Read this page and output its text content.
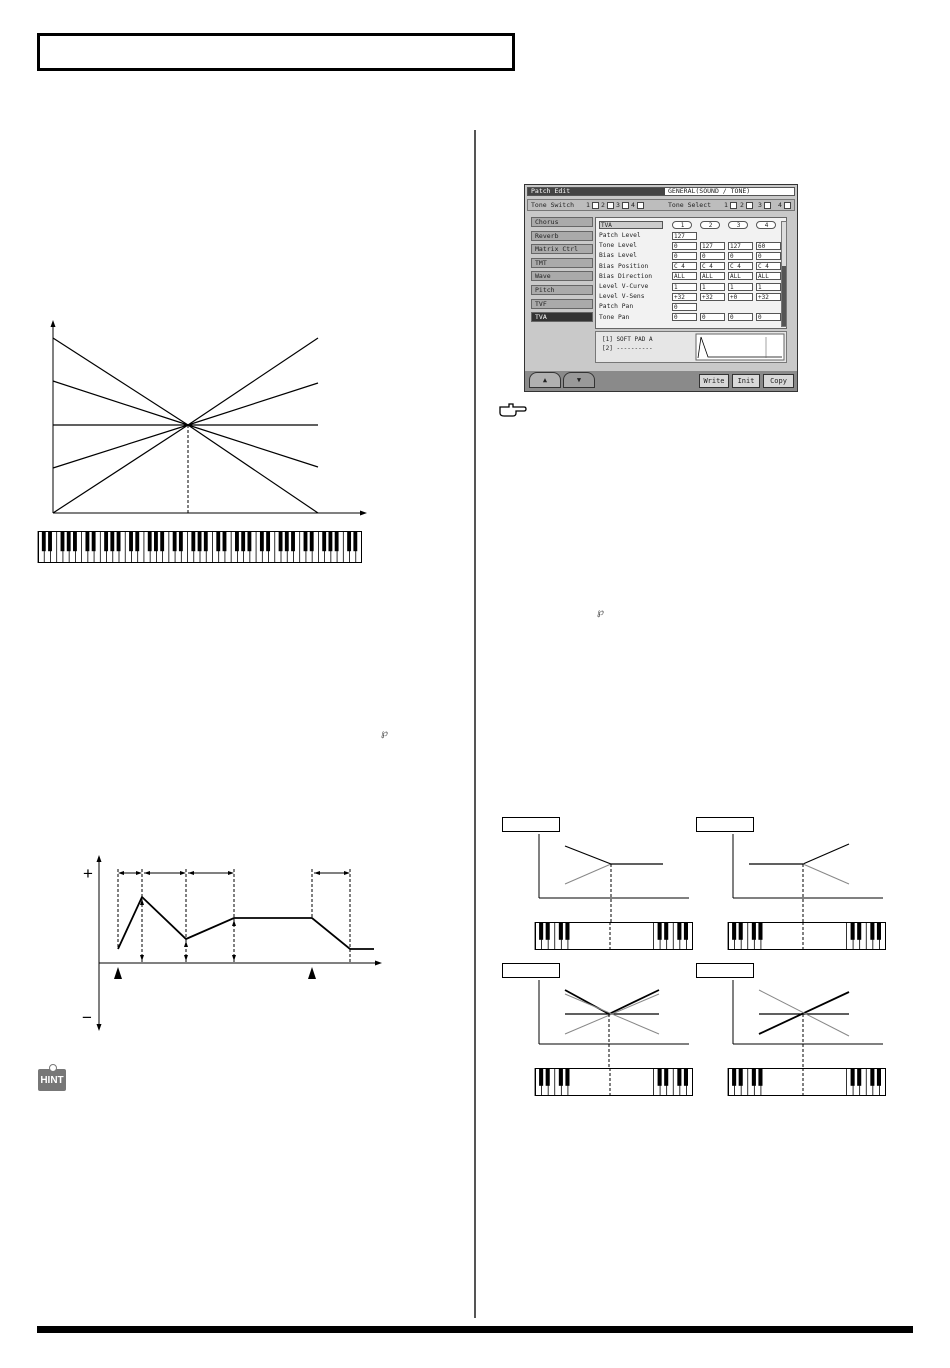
℘
+
−
HINT
Patch Edit	GENERAL(SOUND / TONE)
Tone Switch 1 2 3 4	Tone Select 1 2 3 4
Chorus
Reverb
Matrix Ctrl
TMT
Wave
Pitch
TVF
TVA
TVA	1	2	3	4
Patch Level	127
Tone Level	0	127	127	60
Bias Level	0	0	0	0
Bias Position	C 4	C 4	C 4	C 4
Bias Direction	ALL	ALL	ALL	ALL
Level V-Curve	1	1	1	1
Level V-Sens	+32	+32	+0	+32
Patch Pan	0
Tone Pan	0	0	0	0
[1] SOFT PAD A
[2] ----------
▲	▼	Write	Init	Copy
℘
